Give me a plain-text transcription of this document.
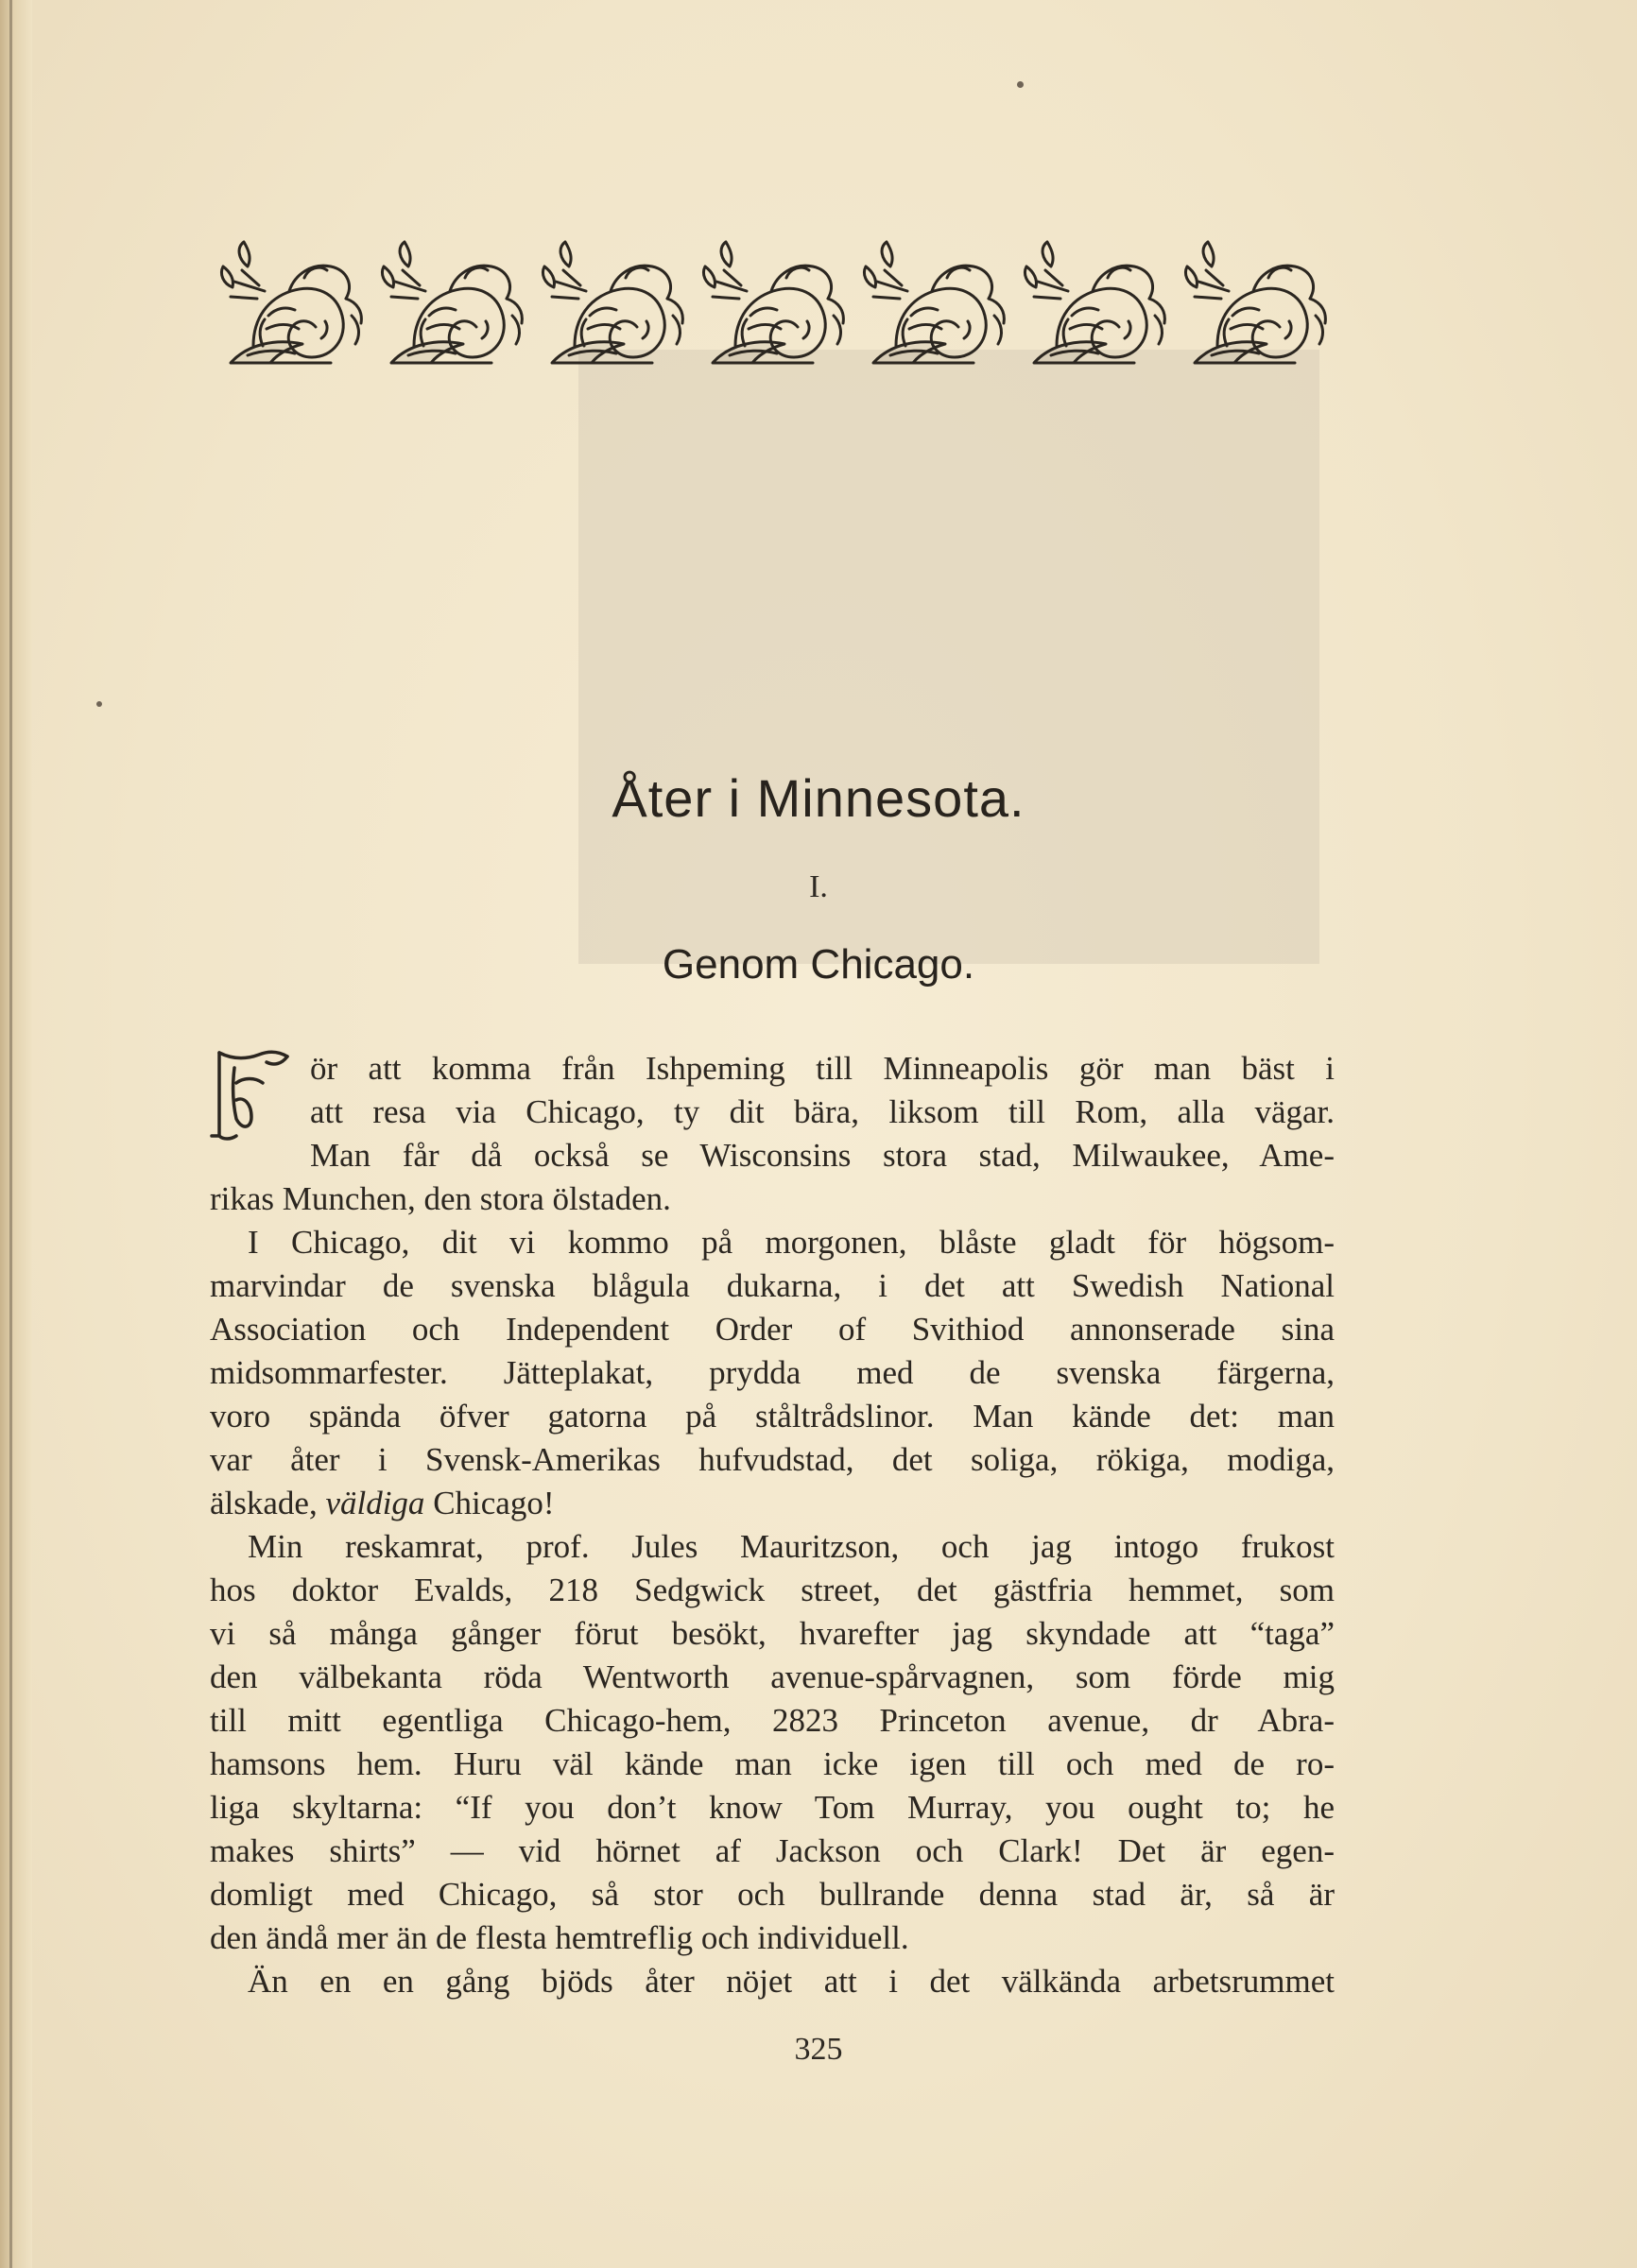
Åter i Minnesota.
I.
Genom Chicago.
F
ör att komma från Ishpeming till Minneapolis gör man bäst i
att resa via Chicago, ty dit bära, liksom till Rom, alla vägar.
Man får då också se Wisconsins stora stad, Milwaukee, Ame-
rikas Munchen, den stora ölstaden.
I Chicago, dit vi kommo på morgonen, blåste gladt för högsom-
marvindar de svenska blågula dukarna, i det att Swedish National
Association och Independent Order of Svithiod annonserade sina
midsommarfester. Jätteplakat, prydda med de svenska färgerna,
voro spända öfver gatorna på ståltrådslinor. Man kände det: man
var åter i Svensk-Amerikas hufvudstad, det soliga, rökiga, modiga,
älskade, väldiga Chicago!
Min reskamrat, prof. Jules Mauritzson, och jag intogo frukost
hos doktor Evalds, 218 Sedgwick street, det gästfria hemmet, som
vi så många gånger förut besökt, hvarefter jag skyndade att “taga”
den välbekanta röda Wentworth avenue-spårvagnen, som förde mig
till mitt egentliga Chicago-hem, 2823 Princeton avenue, dr Abra-
hamsons hem. Huru väl kände man icke igen till och med de ro-
liga skyltarna: “If you don’t know Tom Murray, you ought to; he
makes shirts” — vid hörnet af Jackson och Clark! Det är egen-
domligt med Chicago, så stor och bullrande denna stad är, så är
den ändå mer än de flesta hemtreflig och individuell.
Än en en gång bjöds åter nöjet att i det välkända arbetsrummet
325
